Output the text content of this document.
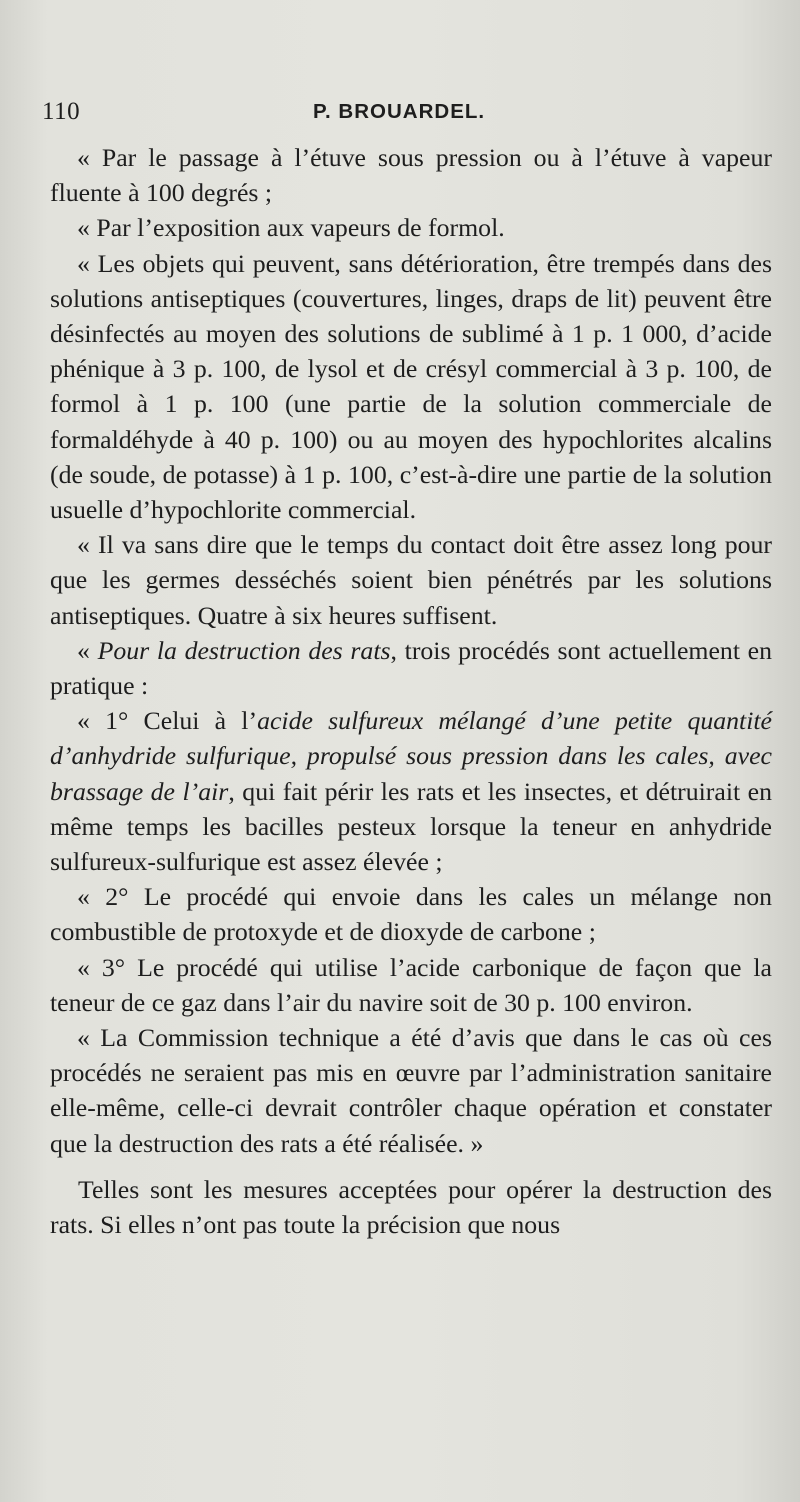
110	P. BROUARDEL.

« Par le passage à l’étuve sous pression ou à l’étuve à vapeur fluente à 100 degrés ;

« Par l’exposition aux vapeurs de formol.

« Les objets qui peuvent, sans détérioration, être trempés dans des solutions antiseptiques (couvertures, linges, draps de lit) peuvent être désinfectés au moyen des solutions de sublimé à 1 p. 1 000, d’acide phénique à 3 p. 100, de lysol et de crésyl commercial à 3 p. 100, de formol à 1 p. 100 (une partie de la solution commerciale de formaldéhyde à 40 p. 100) ou au moyen des hypochlorites alcalins (de soude, de potasse) à 1 p. 100, c’est-à-dire une partie de la solution usuelle d’hypochlorite commercial.

« Il va sans dire que le temps du contact doit être assez long pour que les germes desséchés soient bien pénétrés par les solutions antiseptiques. Quatre à six heures suffisent.

« Pour la destruction des rats, trois procédés sont actuellement en pratique :

« 1° Celui à l’acide sulfureux mélangé d’une petite quantité d’anhydride sulfurique, propulsé sous pression dans les cales, avec brassage de l’air, qui fait périr les rats et les insectes, et détruirait en même temps les bacilles pesteux lorsque la teneur en anhydride sulfureux-sulfurique est assez élevée ;

« 2° Le procédé qui envoie dans les cales un mélange non combustible de protoxyde et de dioxyde de carbone ;

« 3° Le procédé qui utilise l’acide carbonique de façon que la teneur de ce gaz dans l’air du navire soit de 30 p. 100 environ.

« La Commission technique a été d’avis que dans le cas où ces procédés ne seraient pas mis en œuvre par l’administration sanitaire elle-même, celle-ci devrait contrôler chaque opération et constater que la destruction des rats a été réalisée. »

Telles sont les mesures acceptées pour opérer la destruction des rats. Si elles n’ont pas toute la précision que nous
